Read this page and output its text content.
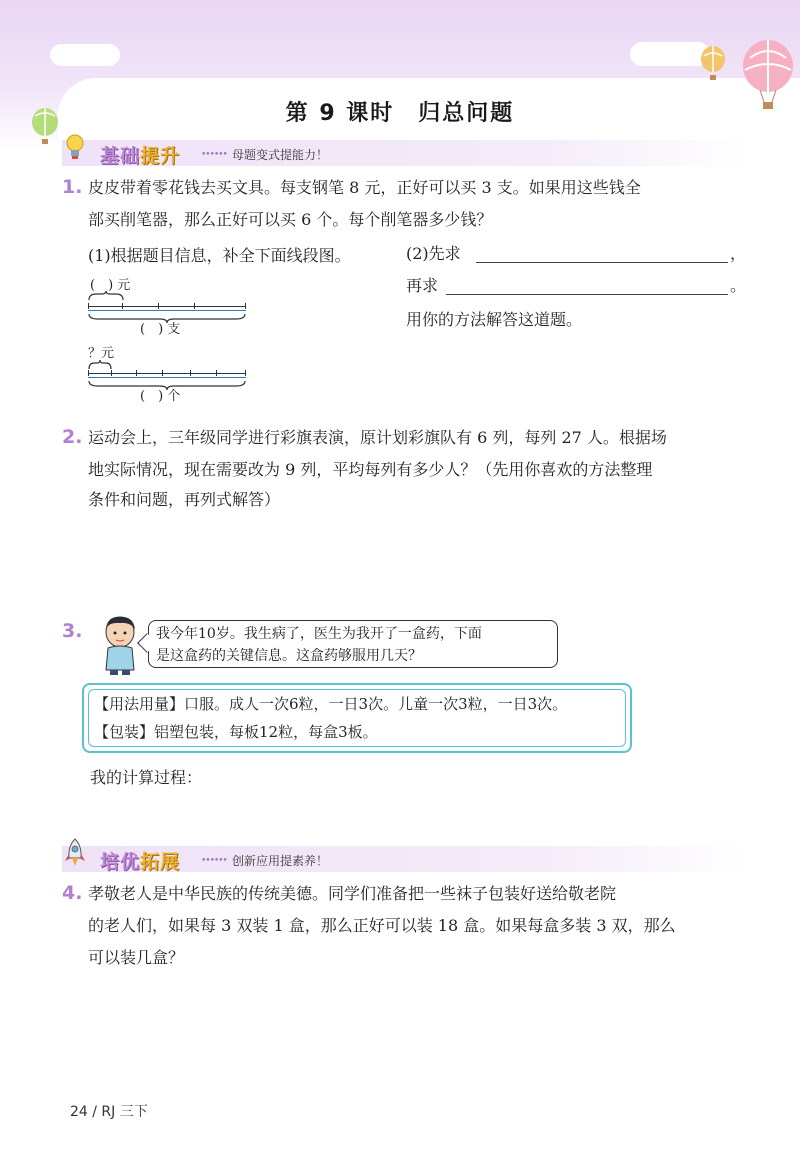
第 9 课时　归总问题
基础提升 •••••• 母题变式提能力！
1. 皮皮带着零花钱去买文具。每支钢笔 8 元，正好可以买 3 支。如果用这些钱全
部买削笔器，那么正好可以买 6 个。每个削笔器多少钱？
(1)根据题目信息，补全下面线段图。
(　) 元
(　) 支
？元
(　) 个
(2)先求	，
再求	。
用你的方法解答这道题。
2. 运动会上，三年级同学进行彩旗表演，原计划彩旗队有 6 列，每列 27 人。根据场
地实际情况，现在需要改为 9 列，平均每列有多少人？（先用你喜欢的方法整理
条件和问题，再列式解答）
3.	我今年10岁。我生病了，医生为我开了一盒药，下面
是这盒药的关键信息。这盒药够服用几天？
【用法用量】口服。成人一次6粒，一日3次。儿童一次3粒，一日3次。
【包装】铝塑包装，每板12粒，每盒3板。
我的计算过程：
培优拓展 •••••• 创新应用提素养！
4. 孝敬老人是中华民族的传统美德。同学们准备把一些袜子包装好送给敬老院
的老人们，如果每 3 双装 1 盒，那么正好可以装 18 盒。如果每盒多装 3 双，那么
可以装几盒？
24 / RJ 三下
